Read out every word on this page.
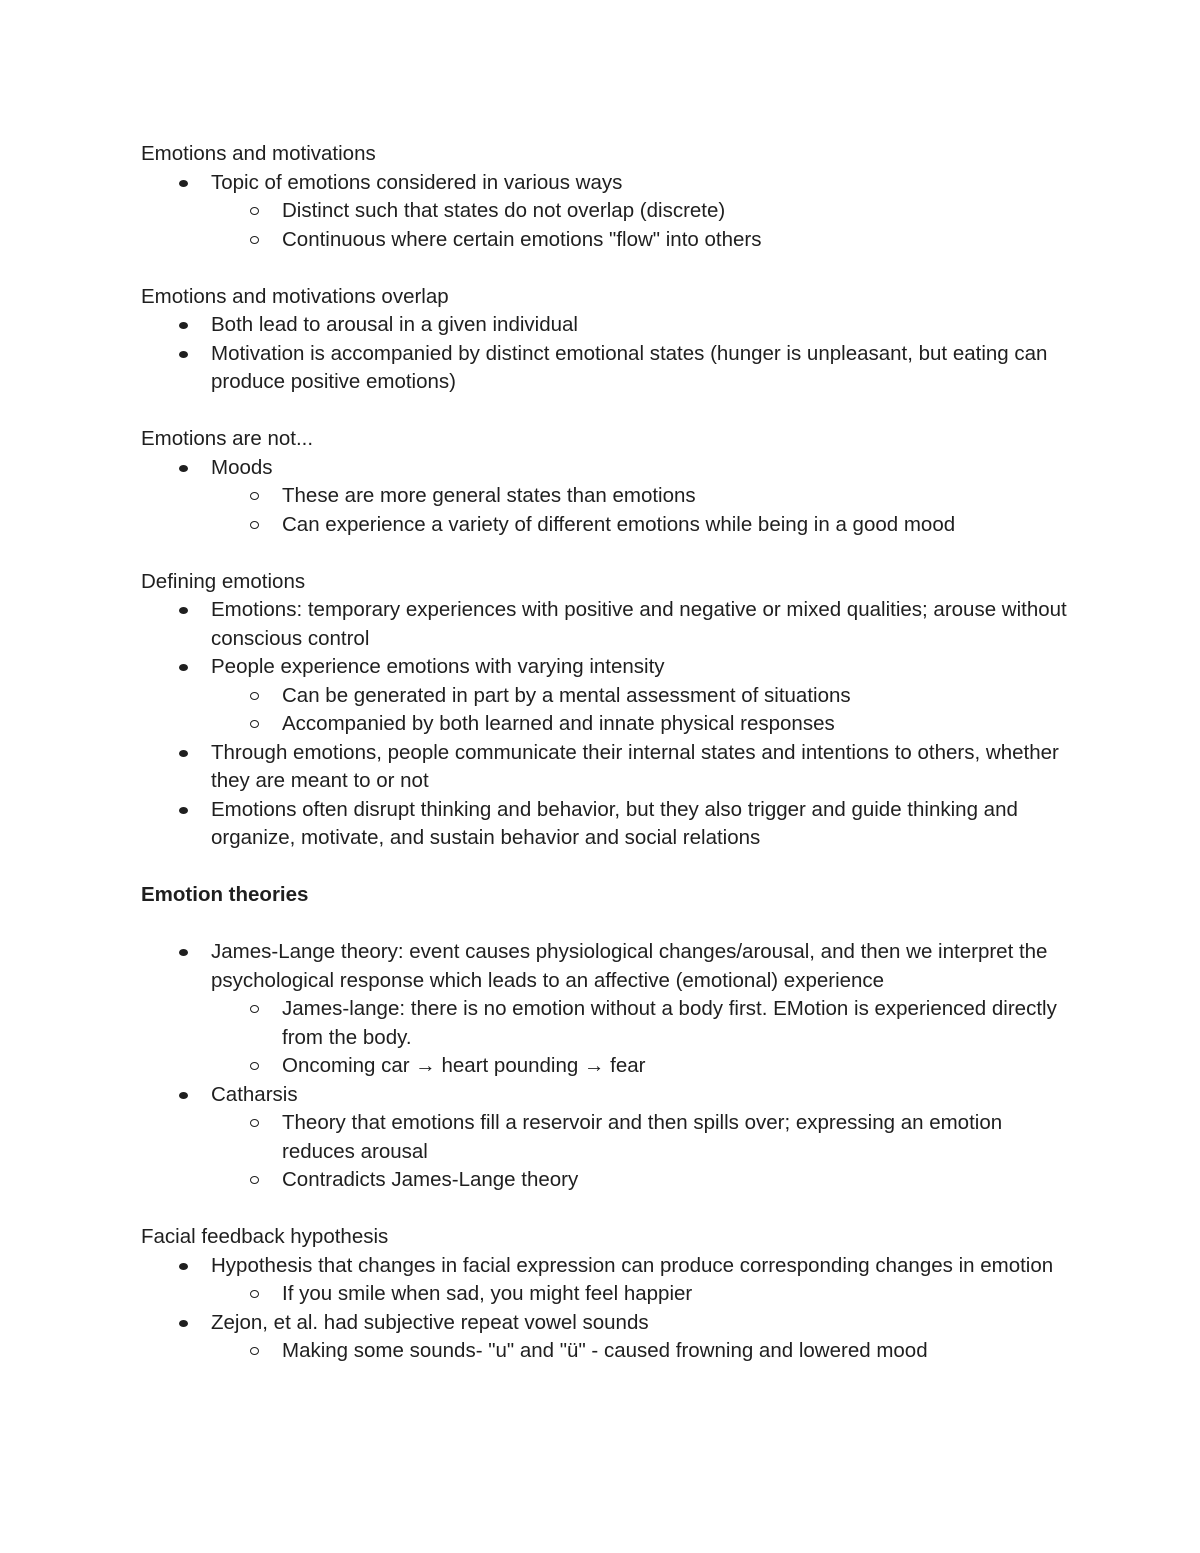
Emotions and motivations

Topic of emotions considered in various ways
Distinct such that states do not overlap (discrete)
Continuous where certain emotions "flow" into others

Emotions and motivations overlap

Both lead to arousal in a given individual
Motivation is accompanied by distinct emotional states (hunger is unpleasant, but eating can produce positive emotions)

Emotions are not...

Moods
These are more general states than emotions
Can experience a variety of different emotions while being in a good mood

Defining emotions

Emotions: temporary experiences with positive and negative or mixed qualities; arouse without conscious control
People experience emotions with varying intensity
Can be generated in part by a mental assessment of situations
Accompanied by both learned and innate physical responses
Through emotions, people communicate their internal states and intentions to others, whether they are meant to or not
Emotions often disrupt thinking and behavior, but they also trigger and guide thinking and organize, motivate, and sustain behavior and social relations

Emotion theories

James-Lange theory: event causes physiological changes/arousal, and then we interpret the psychological response which leads to an affective (emotional) experience
James-lange: there is no emotion without a body first. EMotion is experienced directly from the body.
Oncoming car → heart pounding → fear
Catharsis
Theory that emotions fill a reservoir and then spills over; expressing an emotion reduces arousal
Contradicts James-Lange theory

Facial feedback hypothesis

Hypothesis that changes in facial expression can produce corresponding changes in emotion
If you smile when sad, you might feel happier
Zejon, et al. had subjective repeat vowel sounds
Making some sounds- "u" and "ü" - caused frowning and lowered mood
